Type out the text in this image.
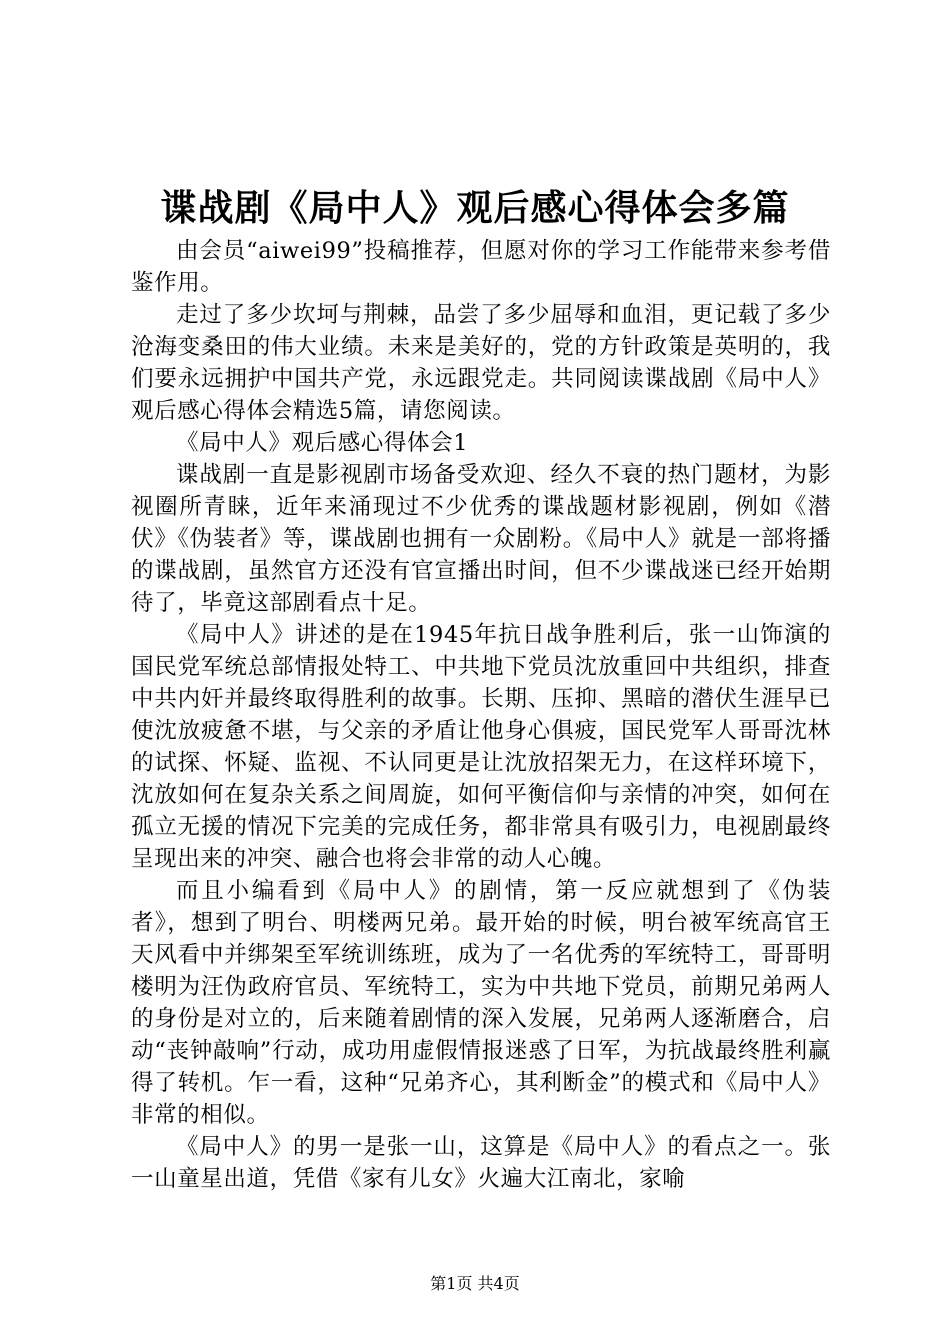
谍战剧《局中人》观后感心得体会多篇

由会员“aiwei99”投稿推荐，但愿对你的学习工作能带来参考借鉴作用。

走过了多少坎坷与荆棘，品尝了多少屈辱和血泪，更记载了多少沧海变桑田的伟大业绩。未来是美好的，党的方针政策是英明的，我们要永远拥护中国共产党，永远跟党走。共同阅读谍战剧《局中人》观后感心得体会精选5篇，请您阅读。

《局中人》观后感心得体会1

谍战剧一直是影视剧市场备受欢迎、经久不衰的热门题材，为影视圈所青睐，近年来涌现过不少优秀的谍战题材影视剧，例如《潜伏》《伪装者》等，谍战剧也拥有一众剧粉。《局中人》就是一部将播的谍战剧，虽然官方还没有官宣播出时间，但不少谍战迷已经开始期待了，毕竟这部剧看点十足。

《局中人》讲述的是在1945年抗日战争胜利后，张一山饰演的国民党军统总部情报处特工、中共地下党员沈放重回中共组织，排查中共内奸并最终取得胜利的故事。长期、压抑、黑暗的潜伏生涯早已使沈放疲惫不堪，与父亲的矛盾让他身心俱疲，国民党军人哥哥沈林的试探、怀疑、监视、不认同更是让沈放招架无力，在这样环境下，沈放如何在复杂关系之间周旋，如何平衡信仰与亲情的冲突，如何在孤立无援的情况下完美的完成任务，都非常具有吸引力，电视剧最终呈现出来的冲突、融合也将会非常的动人心魄。

而且小编看到《局中人》的剧情，第一反应就想到了《伪装者》，想到了明台、明楼两兄弟。最开始的时候，明台被军统高官王天风看中并绑架至军统训练班，成为了一名优秀的军统特工，哥哥明楼明为汪伪政府官员、军统特工，实为中共地下党员，前期兄弟两人的身份是对立的，后来随着剧情的深入发展，兄弟两人逐渐磨合，启动“丧钟敲响”行动，成功用虚假情报迷惑了日军，为抗战最终胜利赢得了转机。乍一看，这种“兄弟齐心，其利断金”的模式和《局中人》非常的相似。

《局中人》的男一是张一山，这算是《局中人》的看点之一。张一山童星出道，凭借《家有儿女》火遍大江南北，家喻

第1页 共4页
